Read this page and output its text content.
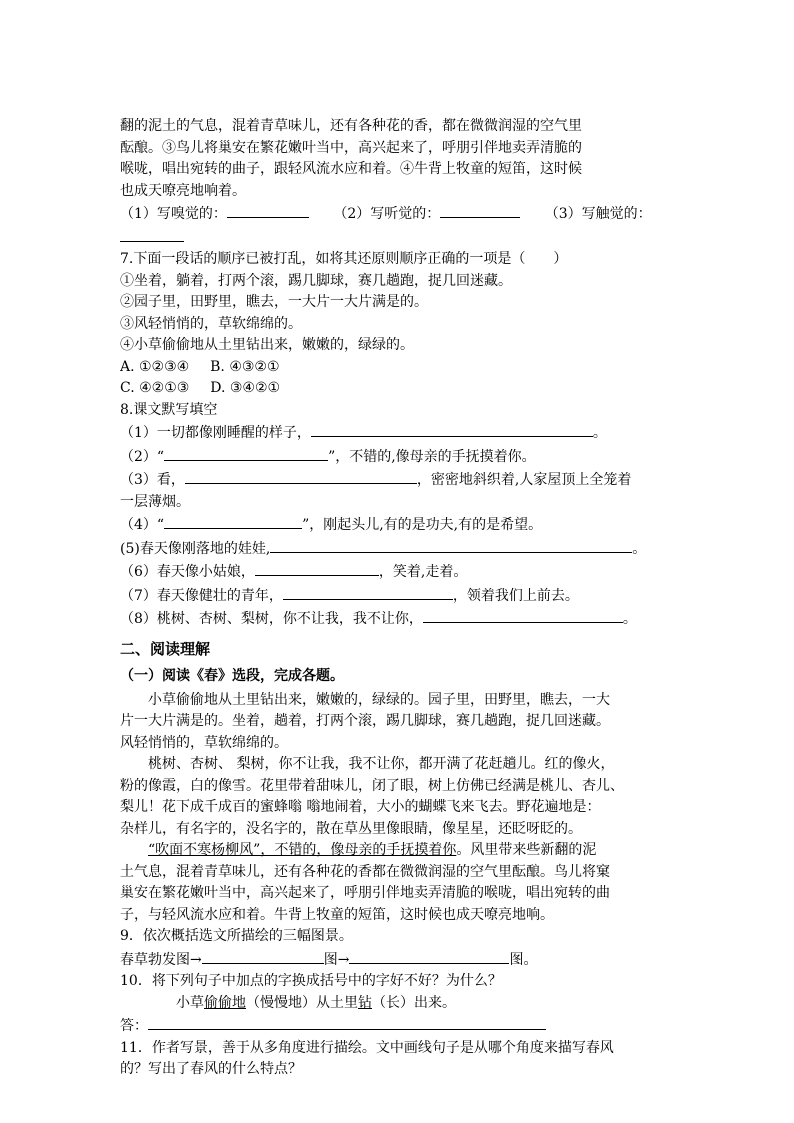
翻的泥土的气息，混着青草味儿，还有各种花的香，都在微微润湿的空气里
酝酿。③鸟儿将巢安在繁花嫩叶当中，高兴起来了，呼朋引伴地卖弄清脆的
喉咙，唱出宛转的曲子，跟轻风流水应和着。④牛背上牧童的短笛，这时候
也成天嘹亮地响着。
（1）写嗅觉的：	（2）写听觉的：	（3）写触觉的：
7.下面一段话的顺序已被打乱，如将其还原则顺序正确的一项是（　　）
①坐着，躺着，打两个滚，踢几脚球，赛几趟跑，捉几回迷藏。
②园子里，田野里，瞧去，一大片一大片满是的。
③风轻悄悄的，草软绵绵的。
④小草偷偷地从土里钻出来，嫩嫩的，绿绿的。
A. ①②③④ B. ④③②①
C. ④②①③ D. ③④②①
8.课文默写填空
（1）一切都像刚睡醒的样子，	。
（2）“	”，不错的,像母亲的手抚摸着你。
（3）看，	，密密地斜织着,人家屋顶上全笼着
一层薄烟。
（4）“	”，刚起头儿,有的是功夫,有的是希望。
(5)春天像刚落地的娃娃,	。
（6）春天像小姑娘，	，笑着,走着。
（7）春天像健壮的青年，	，领着我们上前去。
（8）桃树、杏树、梨树，你不让我，我不让你，	。
二、阅读理解
（一）阅读《春》选段，完成各题。
小草偷偷地从土里钻出来，嫩嫩的，绿绿的。园子里，田野里，瞧去，一大
片一大片满是的。坐着，趟着，打两个滚，踢几脚球，赛几趟跑，捉几回迷藏。
风轻悄悄的，草软绵绵的。
桃树、杏树、 梨树，你不让我，我不让你，都开满了花赶趟儿。红的像火，
粉的像霞，白的像雪。花里带着甜味儿，闭了眼，树上仿佛已经满是桃儿、杏儿、
梨儿！花下成千成百的蜜蜂嗡 嗡地闹着，大小的蝴蝶飞来飞去。野花遍地是：
杂样儿，有名字的，没名字的，散在草丛里像眼睛，像星星，还眨呀眨的。
“吹面不寒杨柳风”，不错的，像母亲的手抚摸着你。风里带来些新翻的泥
土气息，混着青草味儿，还有各种花的香都在微微润湿的空气里酝酿。鸟儿将窠
巢安在繁花嫩叶当中，高兴起来了，呼朋引伴地卖弄清脆的喉咙，唱出宛转的曲
子，与轻风流水应和着。牛背上牧童的短笛，这时候也成天嘹亮地响。
9．依次概括选文所描绘的三幅图景。
春草勃发图→	图→	图。
10．将下列句子中加点的字换成括号中的字好不好？为什么？
小草偷偷地（慢慢地）从土里钻（长）出来。
答：
11．作者写景，善于从多角度进行描绘。文中画线句子是从哪个角度来描写春风
的？写出了春风的什么特点？
